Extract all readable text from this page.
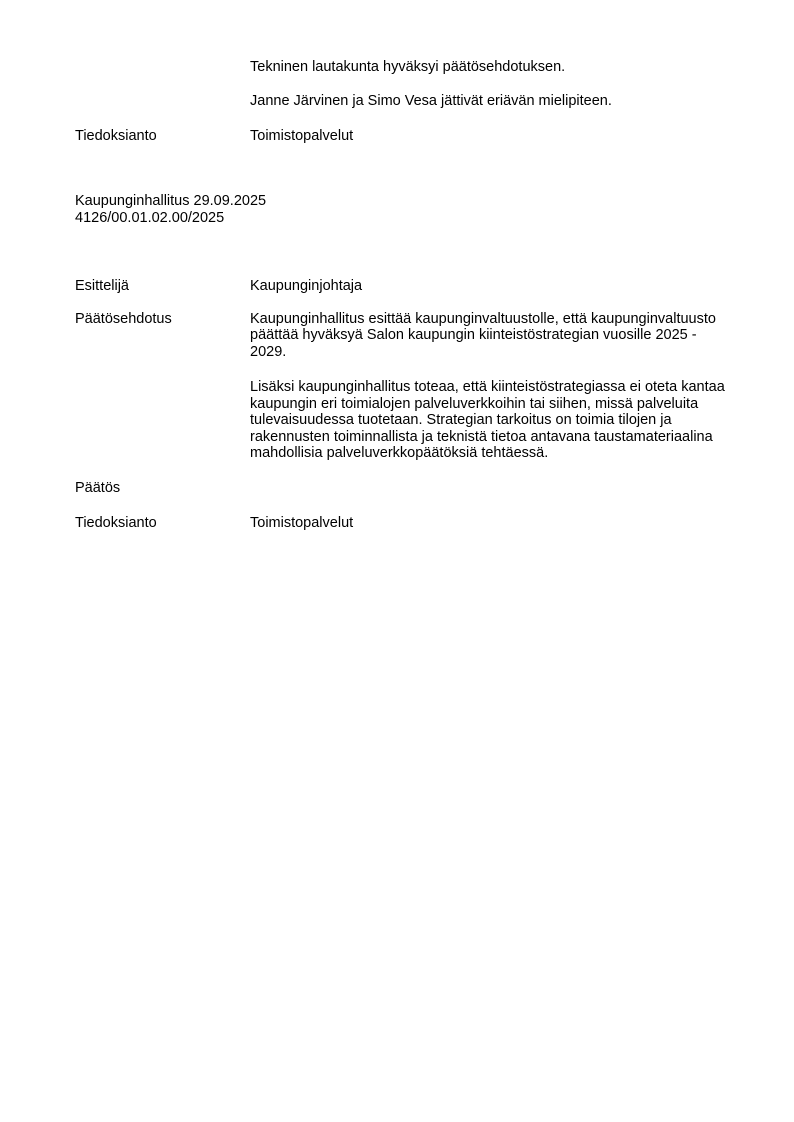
Tekninen lautakunta hyväksyi päätösehdotuksen.

Janne Järvinen ja Simo Vesa jättivät eriävän mielipiteen.

Tiedoksianto	Toimistopalvelut
Kaupunginhallitus 29.09.2025
4126/00.01.02.00/2025
Esittelijä	Kaupunginjohtaja
Päätösehdotus	Kaupunginhallitus esittää kaupunginvaltuustolle, että kaupunginvaltuusto päättää hyväksyä Salon kaupungin kiinteistöstrategian vuosille 2025 - 2029.

Lisäksi kaupunginhallitus toteaa, että kiinteistöstrategiassa ei oteta kantaa kaupungin eri toimialojen palveluverkkoihin tai siihen, missä palveluita tulevaisuudessa tuotetaan. Strategian tarkoitus on toimia tilojen ja rakennusten toiminnallista ja teknistä tietoa antavana taustamateriaalina mahdollisia palveluverkkopäätöksiä tehtäessä.

Päätös
Tiedoksianto	Toimistopalvelut
